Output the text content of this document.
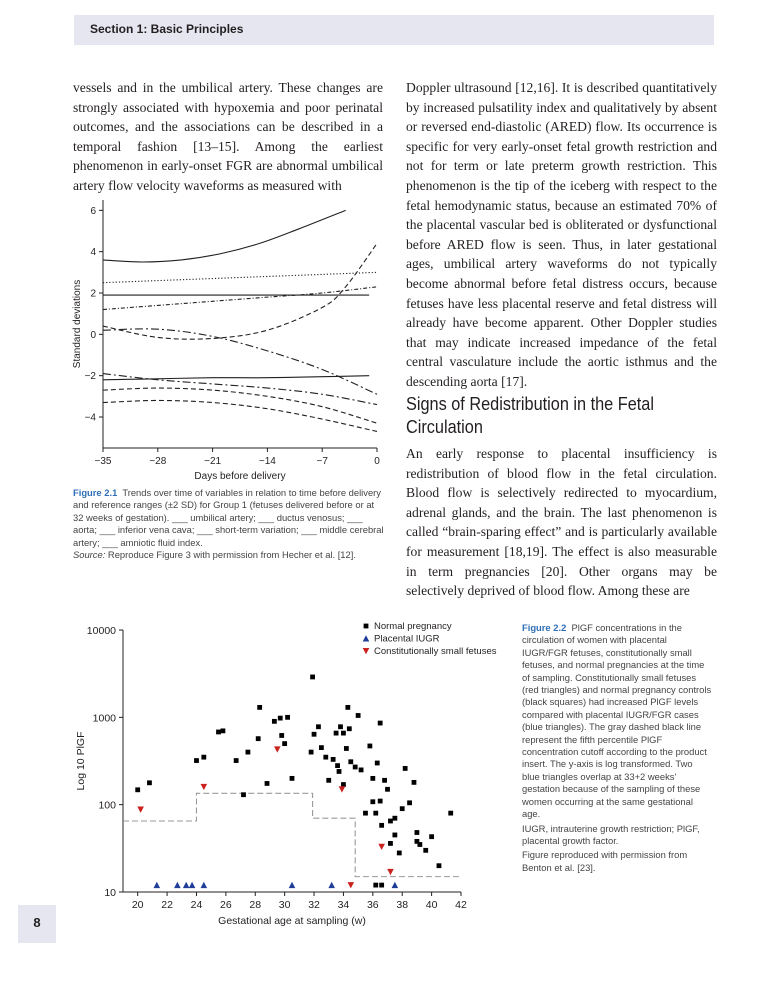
Section 1: Basic Principles
vessels and in the umbilical artery. These changes are strongly associated with hypoxemia and poor perinatal outcomes, and the associations can be described in a temporal fashion [13–15]. Among the earliest phenomenon in early-onset FGR are abnormal umbilical artery flow velocity waveforms as measured with
Doppler ultrasound [12,16]. It is described quantitatively by increased pulsatility index and qualitatively by absent or reversed end-diastolic (ARED) flow. Its occurrence is specific for very early-onset fetal growth restriction and not for term or late preterm growth restriction. This phenomenon is the tip of the iceberg with respect to the fetal hemodynamic status, because an estimated 70% of the placental vascular bed is obliterated or dysfunctional before ARED flow is seen. Thus, in later gestational ages, umbilical artery waveforms do not typically become abnormal before fetal distress occurs, because fetuses have less placental reserve and fetal distress will already have become apparent. Other Doppler studies that may indicate increased impedance of the fetal central vasculature include the aortic isthmus and the descending aorta [17].
Signs of Redistribution in the Fetal Circulation
An early response to placental insufficiency is redistribution of blood flow in the fetal circulation. Blood flow is selectively redirected to myocardium, adrenal glands, and the brain. The last phenomenon is called “brain-sparing effect” and is particularly available for measurement [18,19]. The effect is also measurable in term pregnancies [20]. Other organs may be selectively deprived of blood flow. Among these are
−35	−28	−21	−14	−7	0
−4
−2
0
2
4
6
Days before delivery
Standard deviations

Figure 2.1 Trends over time of variables in relation to time before delivery and reference ranges (±2 SD) for Group 1 (fetuses delivered before or at 32 weeks of gestation). ___ umbilical artery; ___ ductus venosus; ___ aorta; ___ inferior vena cava; ___ short-term variation; ___ middle cerebral artery; ___ amniotic fluid index.

Source: Reproduce Figure 3 with permission from Hecher et al. [12].

20 22 24 26 28 30 32 34 36 38 40 42
10
100
1000
10000
Gestational age at sampling (w)
Log 10 PlGF
Normal pregnancy
Placental IUGR
Constitutionally small fetuses

Figure 2.2 PlGF concentrations in the circulation of women with placental IUGR/FGR fetuses, constitutionally small fetuses, and normal pregnancies at the time of sampling. Constitutionally small fetuses (red triangles) and normal pregnancy controls (black squares) had increased PlGF levels compared with placental IUGR/FGR cases (blue triangles). The gray dashed black line represent the fifth percentile PlGF concentration cutoff according to the product insert. The y-axis is log transformed. Two blue triangles overlap at 33+2 weeks' gestation because of the sampling of these women occurring at the same gestational age.

IUGR, intrauterine growth restriction; PlGF, placental growth factor.

Figure reproduced with permission from Benton et al. [23].

8
